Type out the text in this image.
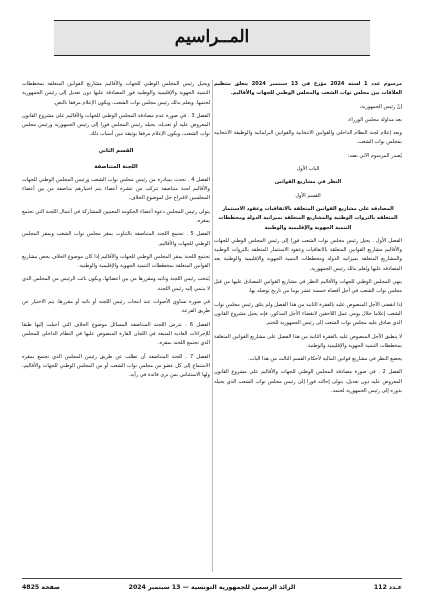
المــراسيم

مرسوم عدد 1 لسنة 2024 مؤرخ في 13 سبتمبر 2024 يتعلق بتنظيم العلاقات بين مجلس نواب الشعب والمجلس الوطني للجهات والأقاليم.

إنّ رئيس الجمهورية،

بعد مداولة مجلس الوزراء،

وبعد إعلام لجنة النظام الداخلي والقوانين الانتخابية والقوانين البرلمانية والوظيفة الانتخابية بمجلس نواب الشعب.

يُصدر المرسوم الآتي نصه:

الباب الأول

النظر في مشاريع القوانين

القسم الأول

المصادقة على مشاريع القوانين المتعلقة بالاتفاقيات وعقود الاستثمار المتعلقة بالثروات الوطنية والمشاريع المتعلقة بميزانية الدولة ومخططات التنمية الجهوية والإقليمية والوطنية

الفصل الأول . يحيل رئيس مجلس نواب الشعب فورا إلى رئيس المجلس الوطني للجهات والأقاليم مشاريع القوانين المتعلقة بالاتفاقيات وعقود الاستثمار المتعلقة بالثروات الوطنية والمشاريع المتعلقة بميزانية الدولة ومخططات التنمية الجهوية والإقليمية والوطنية بعد المصادقة عليها ويُعلم بذلك رئيس الجمهورية.

ينهي المجلس الوطني للجهات والأقاليم النظر في مشاريع القوانين المصادق عليها من قبل مجلس نواب الشعب في أجل أقصاه خمسة عشر يوما من تاريخ توصله بها.

إذا انقضى الأجل المنصوص عليه بالفقرة الثانية من هذا الفصل ولم يتلق رئيس مجلس نواب الشعب إعلاما خلال يومي عمل اللاحقين لانقضاء الأجل المذكور، فإنه يحيل مشروع القانون الذي صادق عليه مجلس نواب الشعب إلى رئيس الجمهورية للختم.

لا ينطبق الأجل المنصوص عليه بالفقرة الثانية من هذا الفصل على مشاريع القوانين المتعلقة بمخططات التنمية الجهوية والإقليمية والوطنية.

يخضع النظر في مشاريع قوانين المالية لأحكام القسم الثالث من هذا الباب.

الفصل 2 . في صورة مصادقة المجلس الوطني للجهات والأقاليم على مشروع القانون المعروض عليه دون تعديل، يتولى إحالته فورا إلى رئيس مجلس نواب الشعب الذي يحيله بدوره إلى رئيس الجمهورية لختمه.

ويحيل رئيس المجلس الوطني للجهات والأقاليم مشاريع القوانين المتعلقة بمخططات التنمية الجهوية والإقليمية والوطنية فور المصادقة عليها دون تعديل إلى رئيس الجمهورية لختمها. ويعلم بذلك رئيس مجلس نواب الشعب، ويكون الإعلام مرفقا بالنص.

الفصل 3 . في صورة عدم مصادقة المجلس الوطني للجهات والأقاليم على مشروع القانون المعروض عليه أو تعديله، يحيله رئيس المجلس فورا إلى رئيس الجمهورية ورئيس مجلس نواب الشعب، ويكون الإعلام مرفقا بوثيقة تبين أسباب ذلك.

القسم الثاني

اللجنة المتناصفة

الفصل 4 . تحدث بمبادرة من رئيس مجلس نواب الشعب ورئيس المجلس الوطني للجهات والأقاليم لجنة متناصفة تتركب من عشرة أعضاء يتم اختيارهم مناصفة من بين أعضاء المجلسين لاقتراح حل لموضوع الخلاف.

يتولى رئيس المجلس دعوة أعضاء الحكومة المعنيين للمشاركة في أعمال اللجنة التي تجتمع بمقره.

الفصل 5 . تجتمع اللجنة المتناصفة بالتناوب بمقر مجلس نواب الشعب وبمقر المجلس الوطني للجهات والأقاليم.

تجتمع اللجنة بمقر المجلس الوطني للجهات والأقاليم إذا كان موضوع الخلاف يخص مشاريع القوانين المتعلقة بمخططات التنمية الجهوية والإقليمية والوطنية.

يُنتخب رئيس اللجنة ونائبه ومقررها من بين أعضائها، ويكون نائب الرئيس من المجلس الذي لا ينتمي إليه رئيس اللجنة.

في صورة تساوي الأصوات عند انتخاب رئيس اللجنة أو نائبه أو مقررها، يتم الاختيار عن طريق القرعة.

الفصل 6 . تدرس اللجنة المتناصفة المسائل موضوع الخلاف التي أحيلت إليها طبقا للإجراءات العادية المتبعة في اللجان القارة المنصوص عليها في النظام الداخلي للمجلس الذي تجتمع اللجنة بمقره.

الفصل 7 . للجنة المتناصفة أن تطلب عن طريق رئيس المجلس الذي تجتمع بمقره الاستماع إلى كل عضو من مجلس نواب الشعب أو من المجلس الوطني للجهات والأقاليم، ولها الاستئناس بمن ترى فائدة في رأيه.

عـدد 112
الرائد الرسمي للجمهورية التونسية — 13 سبتمبر 2024
صفحة 4825
